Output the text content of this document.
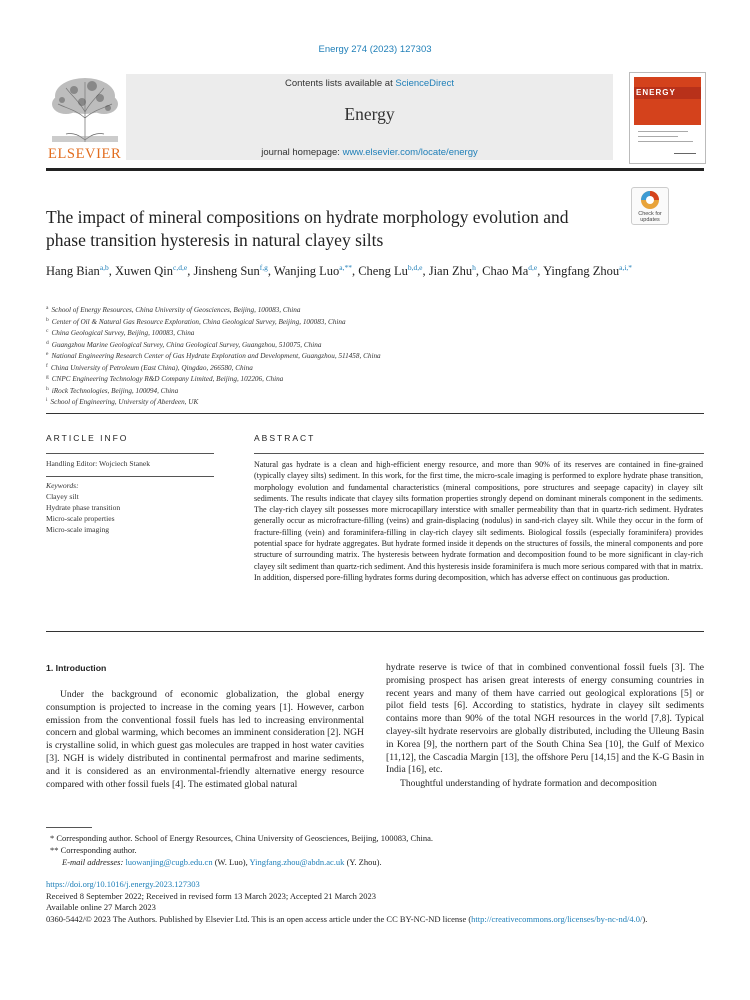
Energy 274 (2023) 127303
ELSEVIER
Contents lists available at ScienceDirect
Energy
journal homepage: www.elsevier.com/locate/energy
ENERGY
Check for updates
The impact of mineral compositions on hydrate morphology evolution and
phase transition hysteresis in natural clayey silts
Hang Bian$^{a,b}$, Xuwen Qin$^{c,d,e}$, Jinsheng Sun$^{f,g}$, Wanjing Luo$^{a,**}$, Cheng Lu$^{b,d,e}$, Jian Zhu$^h$, Chao Ma$^{d,e}$, Yingfang Zhou$^{a,i,*}$
$^a$ School of Energy Resources, China University of Geosciences, Beijing, 100083, China
$^b$ Center of Oil & Natural Gas Resource Exploration, China Geological Survey, Beijing, 100083, China
$^c$ China Geological Survey, Beijing, 100083, China
$^d$ Guangzhou Marine Geological Survey, China Geological Survey, Guangzhou, 510075, China
$^e$ National Engineering Research Center of Gas Hydrate Exploration and Development, Guangzhou, 511458, China
$^f$ China University of Petroleum (East China), Qingdao, 266580, China
$^g$ CNPC Engineering Technology R&D Company Limited, Beijing, 102206, China
$^h$ iRock Technologies, Beijing, 100094, China
$^i$ School of Engineering, University of Aberdeen, UK
ARTICLE INFO
Handling Editor: Wojciech Stanek
Keywords:
Clayey silt
Hydrate phase transition
Micro-scale properties
Micro-scale imaging
ABSTRACT
Natural gas hydrate is a clean and high-efficient energy resource, and more than 90% of its reserves are contained in fine-grained (typically clayey silts) sediment. In this work, for the first time, the micro-scale imaging is performed to explore hydrate phase transition, morphology evolution and fundamental characteristics (mineral compositions, pore structures and seepage capacity) in clayey silt sediments. The results indicate that clayey silts formation properties strongly depend on dominant minerals component in the sediments. The clay-rich clayey silt possesses more microcapillary interstice with smaller permeability than that in quartz-rich sediment. Hydrates generally occur as microfracture-filling (veins) and grain-displacing (nodulus) in sand-rich clayey silt. While they occur in the form of fracture-filling (vein) and foraminifera-filling in clay-rich clayey silt sediments. Biological fossils (especially foraminifera) provides potential space for hydrate aggregates. But hydrate formed inside it depends on the structures of fossils, the mineral components and pore structure of surrounding matrix. The hysteresis between hydrate formation and decomposition found to be more significant in clay-rich clayey silt sediment than quartz-rich sediment. And this hysteresis inside foraminifera is much more serious compared with that in matrix. In addition, dispersed pore-filling hydrates forms during decomposition, which has adverse effect on continuous gas production.
1. Introduction

Under the background of economic globalization, the global energy consumption is projected to increase in the coming years [1]. However, carbon emission from the conventional fossil fuels has led to increasing environmental concern and global warming, which becomes an imminent consideration [2]. NGH is crystalline solid, in which guest gas molecules are trapped in host water cavities [3]. NGH is widely distributed in continental permafrost and marine sediments, and it is considered as an environmental-friendly alternative energy resource compared with other fossil fuels [4]. The estimated global natural

hydrate reserve is twice of that in combined conventional fossil fuels [3]. The promising prospect has arisen great interests of energy consuming countries in recent years and many of them have carried out geological explorations [5] or pilot field tests [6]. According to statistics, hydrate in clayey silt sediments contains more than 90% of the total NGH resources in the world [7,8]. Typical clayey-silt hydrate reservoirs are globally distributed, including the Ulleung Basin in Korea [9], the northern part of the South China Sea [10], the Gulf of Mexico [11,12], the Cascadia Margin [13], the offshore Peru [14,15] and the K-G Basin in India [16], etc.

Thoughtful understanding of hydrate formation and decomposition

* Corresponding author. School of Energy Resources, China University of Geosciences, Beijing, 100083, China.
** Corresponding author.
E-mail addresses: luowanjing@cugb.edu.cn (W. Luo), Yingfang.zhou@abdn.ac.uk (Y. Zhou).
https://doi.org/10.1016/j.energy.2023.127303
Received 8 September 2022; Received in revised form 13 March 2023; Accepted 21 March 2023
Available online 27 March 2023
0360-5442/© 2023 The Authors. Published by Elsevier Ltd. This is an open access article under the CC BY-NC-ND license (http://creativecommons.org/licenses/by-nc-nd/4.0/).
